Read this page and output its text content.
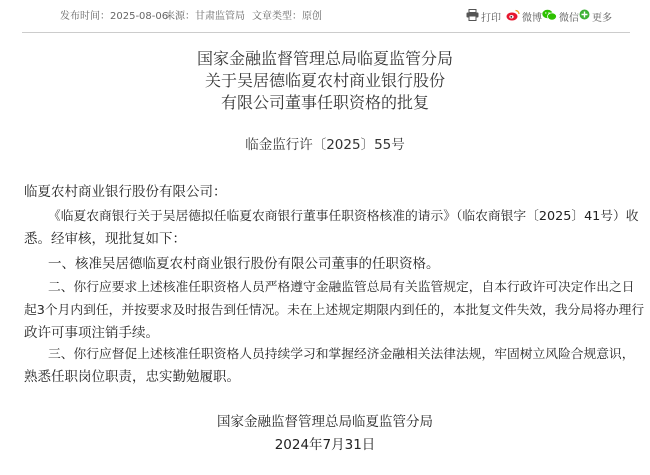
发布时间：2025-08-06
来源：甘肃监管局 文章类型：原创	打印 微博 微信 更多
国家金融监督管理总局临夏监管分局
关于吴居德临夏农村商业银行股份
有限公司董事任职资格的批复
临金监行许〔2025〕55号
临夏农村商业银行股份有限公司：
《临夏农商银行关于吴居德拟任临夏农商银行董事任职资格核准的请示》（临农商银字〔2025〕41号）收
悉。经审核，现批复如下：
一、核准吴居德临夏农村商业银行股份有限公司董事的任职资格。
二、你行应要求上述核准任职资格人员严格遵守金融监管总局有关监管规定，自本行政许可决定作出之日
起3个月内到任，并按要求及时报告到任情况。未在上述规定期限内到任的，本批复文件失效，我分局将办理行
政许可事项注销手续。
三、你行应督促上述核准任职资格人员持续学习和掌握经济金融相关法律法规，牢固树立风险合规意识，
熟悉任职岗位职责，忠实勤勉履职。
国家金融监督管理总局临夏监管分局
2024年7月31日
